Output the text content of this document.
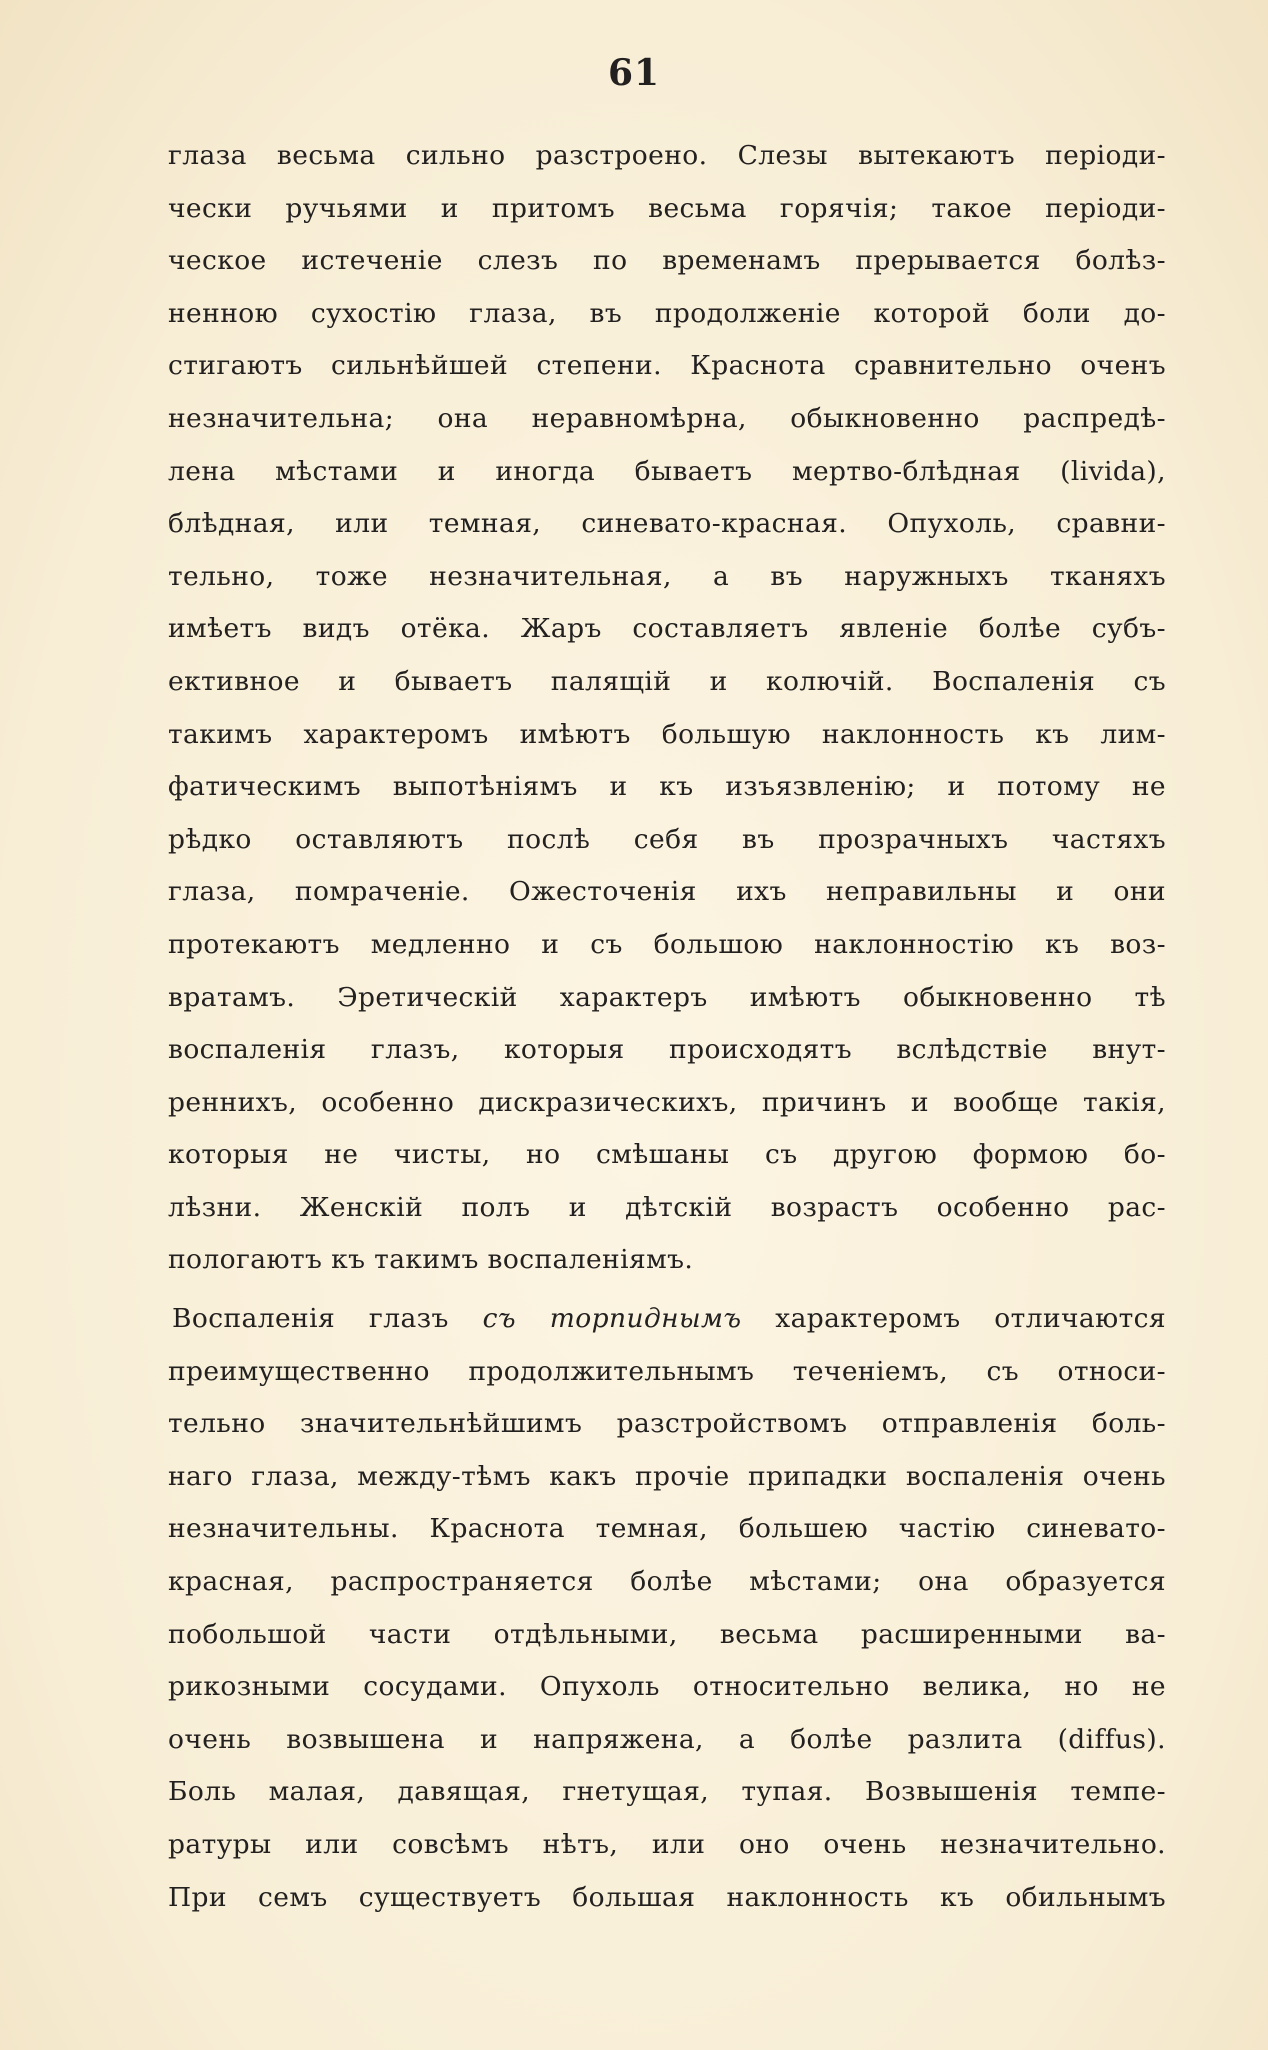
61
глаза весьма сильно разстроено. Слезы вытекаютъ періоди-
чески ручьями и притомъ весьма горячія; такое періоди-
ческое истеченіе слезъ по временамъ прерывается болѣз-
ненною сухостію глаза, въ продолженіе которой боли до-
стигаютъ сильнѣйшей степени. Краснота сравнительно оченъ
незначительна; она неравномѣрна, обыкновенно распредѣ-
лена мѣстами и иногда бываетъ мертво-блѣдная (livida),
блѣдная, или темная, синевато-красная. Опухоль, сравни-
тельно, тоже незначительная, а въ наружныхъ тканяхъ
имѣетъ видъ отёка. Жаръ составляетъ явленіе болѣе субъ-
ективное и бываетъ палящій и колючій. Воспаленія съ
такимъ характеромъ имѣютъ большую наклонность къ лим-
фатическимъ выпотѣніямъ и къ изъязвленію; и потому не
рѣдко оставляютъ послѣ себя въ прозрачныхъ частяхъ
глаза, помраченіе. Ожесточенія ихъ неправильны и они
протекаютъ медленно и съ большою наклонностію къ воз-
вратамъ. Эретическій характеръ имѣютъ обыкновенно тѣ
воспаленія глазъ, которыя происходятъ вслѣдствіе внут-
реннихъ, особенно дискразическихъ, причинъ и вообще такія,
которыя не чисты, но смѣшаны съ другою формою бо-
лѣзни. Женскій полъ и дѣтскій возрастъ особенно рас-
пологаютъ къ такимъ воспаленіямъ.
Воспаленія глазъ съ торпиднымъ характеромъ отличаются
преимущественно продолжительнымъ теченіемъ, съ относи-
тельно значительнѣйшимъ разстройствомъ отправленія боль-
наго глаза, между-тѣмъ какъ прочіе припадки воспаленія очень
незначительны. Краснота темная, большею частію синевато-
красная, распространяется болѣе мѣстами; она образуется
побольшой части отдѣльными, весьма расширенными ва-
рикозными сосудами. Опухоль относительно велика, но не
очень возвышена и напряжена, а болѣе разлита (diffus).
Боль малая, давящая, гнетущая, тупая. Возвышенія темпе-
ратуры или совсѣмъ нѣтъ, или оно очень незначительно.
При семъ существуетъ большая наклонность къ обильнымъ
